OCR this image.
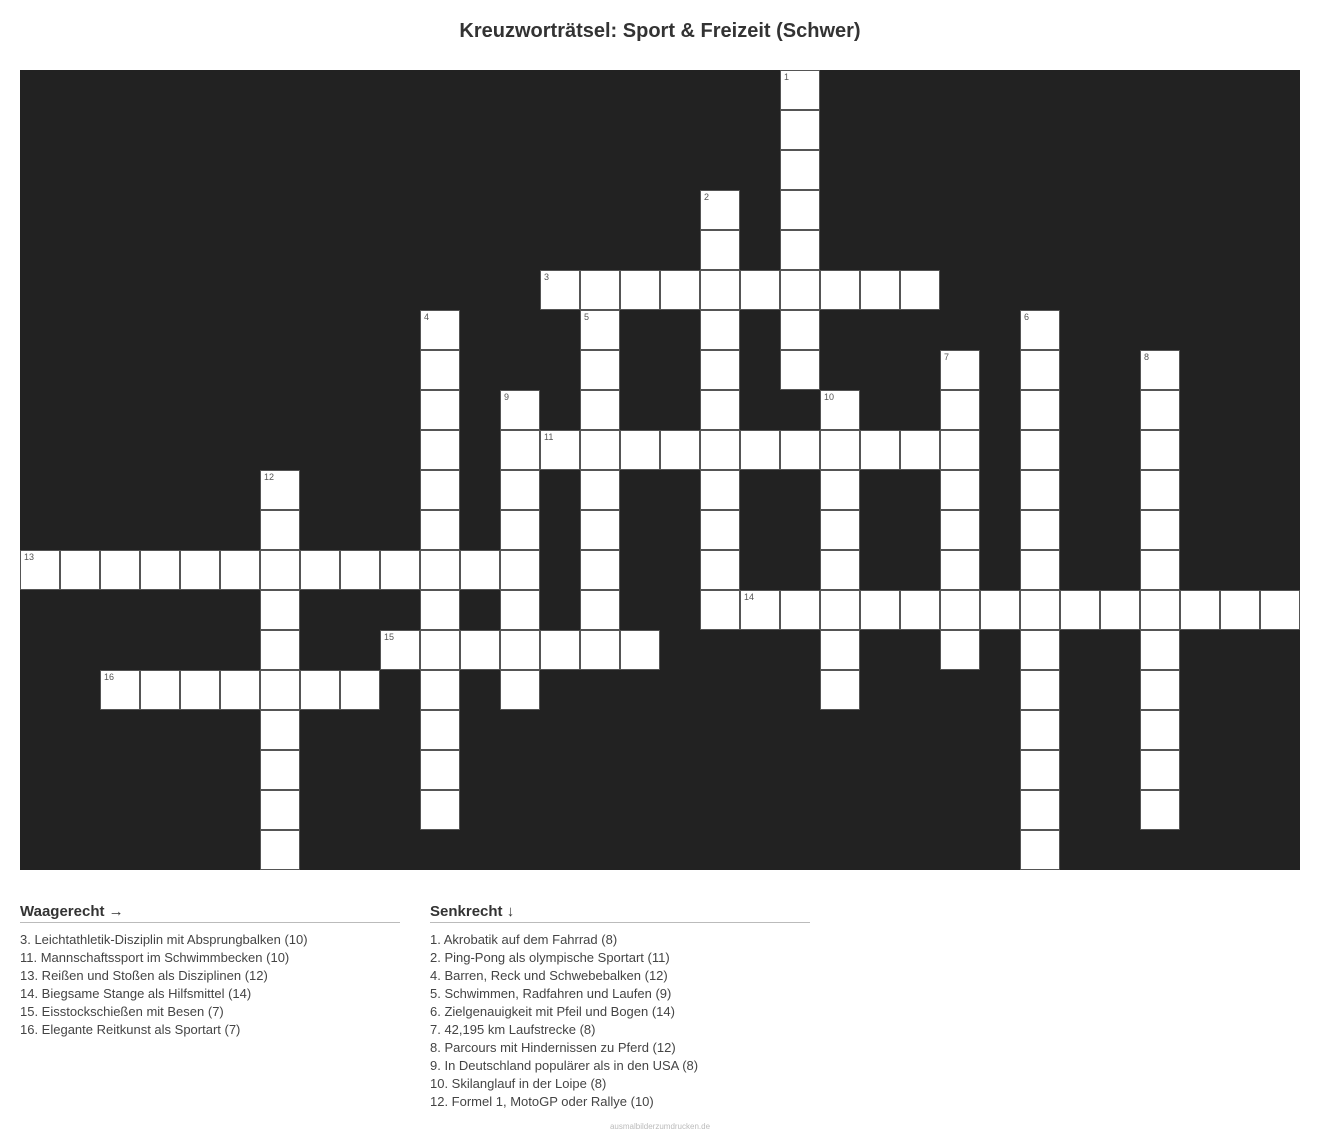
Kreuzworträtsel: Sport & Freizeit (Schwer)
3
11
13
14
15
16
1
2
4	5	6
7	8
9	10
12
Waagerecht →
3. Leichtathletik-Disziplin mit Absprungbalken (10)
11. Mannschaftssport im Schwimmbecken (10)
13. Reißen und Stoßen als Disziplinen (12)
14. Biegsame Stange als Hilfsmittel (14)
15. Eisstockschießen mit Besen (7)
16. Elegante Reitkunst als Sportart (7)
Senkrecht ↓
1. Akrobatik auf dem Fahrrad (8)
2. Ping-Pong als olympische Sportart (11)
4. Barren, Reck und Schwebebalken (12)
5. Schwimmen, Radfahren und Laufen (9)
6. Zielgenauigkeit mit Pfeil und Bogen (14)
7. 42,195 km Laufstrecke (8)
8. Parcours mit Hindernissen zu Pferd (12)
9. In Deutschland populärer als in den USA (8)
10. Skilanglauf in der Loipe (8)
12. Formel 1, MotoGP oder Rallye (10)
ausmalbilderzumdrucken.de
